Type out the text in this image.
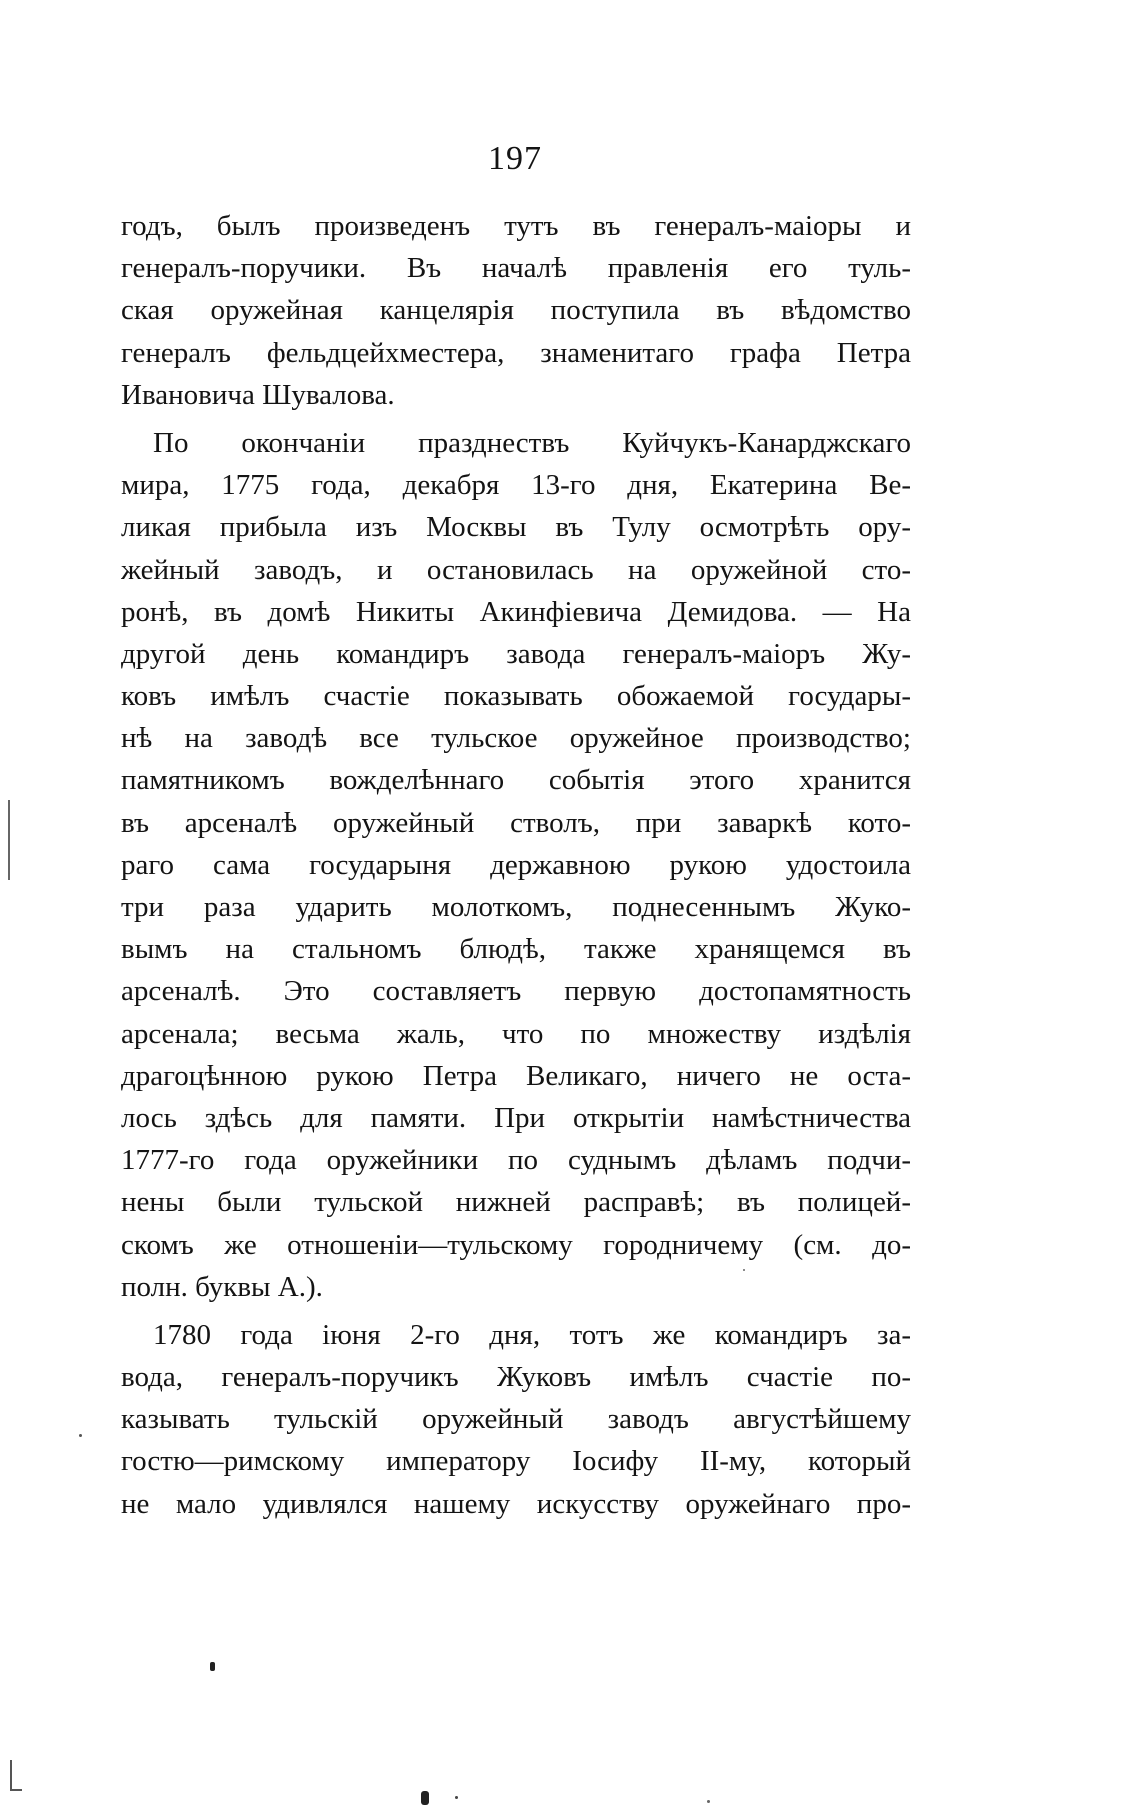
197
годъ, былъ произведенъ тутъ въ генералъ-маіоры и
генералъ-поручики. Въ началѣ правленія его туль-
ская оружейная канцелярія поступила въ вѣдомство
генералъ фельдцейхместера, знаменитаго графа Петра
Ивановича Шувалова.
По окончаніи празднествъ Куйчукъ-Канарджскаго
мира, 1775 года, декабря 13-го дня, Екатерина Ве-
ликая прибыла изъ Москвы въ Тулу осмотрѣть ору-
жейный заводъ, и остановилась на оружейной сто-
ронѣ, въ домѣ Никиты Акинфіевича Демидова. — На
другой день командиръ завода генералъ-маіоръ Жу-
ковъ имѣлъ счастіе показывать обожаемой государы-
нѣ на заводѣ все тульское оружейное производство;
памятникомъ вожделѣннаго событія этого хранится
въ арсеналѣ оружейный стволъ, при заваркѣ кото-
раго сама государыня державною рукою удостоила
три раза ударить молоткомъ, поднесеннымъ Жуко-
вымъ на стальномъ блюдѣ, также хранящемся въ
арсеналѣ. Это составляетъ первую достопамятность
арсенала; весьма жаль, что по множеству издѣлія
драгоцѣнною рукою Петра Великаго, ничего не оста-
лось здѣсь для памяти. При открытіи намѣстничества
1777-го года оружейники по суднымъ дѣламъ подчи-
нены были тульской нижней расправѣ; въ полицей-
скомъ же отношеніи—тульскому городничему (см. до-
полн. буквы А.).
1780 года іюня 2-го дня, тотъ же командиръ за-
вода, генералъ-поручикъ Жуковъ имѣлъ счастіе по-
казывать тульскій оружейный заводъ августѣйшему
гостю—римскому императору Іосифу II-му, который
не мало удивлялся нашему искусству оружейнаго про-
